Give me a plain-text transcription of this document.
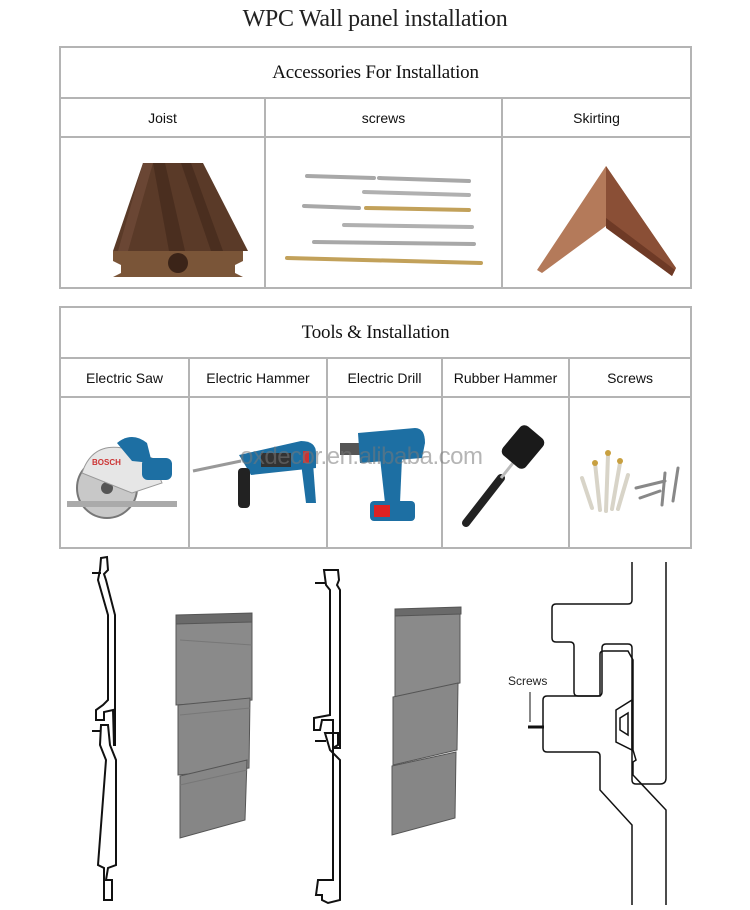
WPC Wall panel installation
Accessories For Installation		
Joist	screws	Skirting

Tools & Installation				
Electric Saw	Electric Hammer	Electric Drill	Rubber Hammer	Screws

BOSCH

		oxdecor.en.alibaba.com
Screws
